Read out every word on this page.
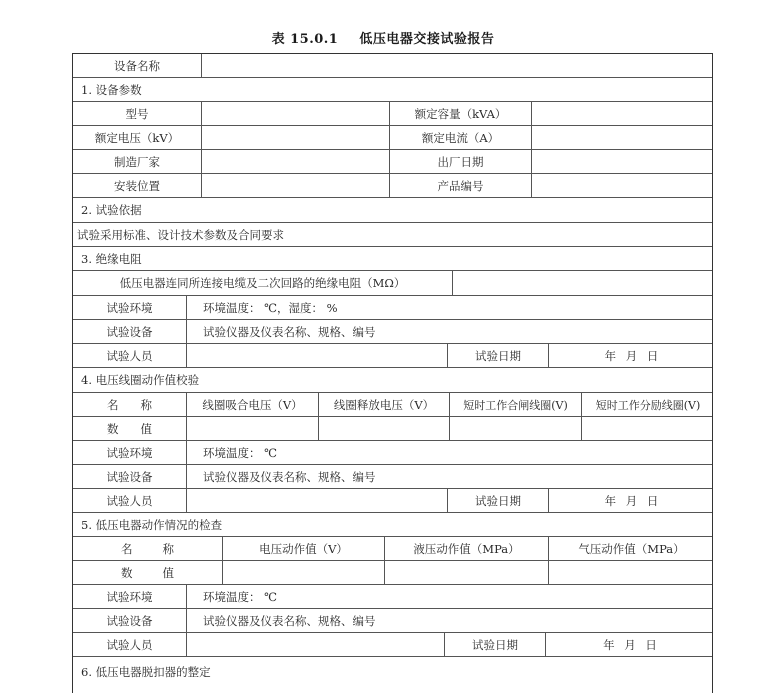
表 15.0.1 低压电器交接试验报告
设备名称
1. 设备参数
型号	额定容量（kVA）
额定电压（kV）	额定电流（A）
制造厂家	出厂日期
安装位置	产品编号
2. 试验依据
试验采用标准、设计技术参数及合同要求
3. 绝缘电阻
低压电器连同所连接电缆及二次回路的绝缘电阻（MΩ）
试验环境	环境温度： ℃，湿度： %
试验设备	试验仪器及仪表名称、规格、编号
试验人员	试验日期	年 月 日
4. 电压线圈动作值校验
名称	线圈吸合电压（V）	线圈释放电压（V）	短时工作合闸线圈(V)	短时工作分励线圈(V)
数值
试验环境	环境温度： ℃
试验设备	试验仪器及仪表名称、规格、编号
试验人员	试验日期	年 月 日
5. 低压电器动作情况的检查
名称	电压动作值（V）	液压动作值（MPa）	气压动作值（MPa）
数值
试验环境	环境温度： ℃
试验设备	试验仪器及仪表名称、规格、编号
试验人员	试验日期	年 月 日
6. 低压电器脱扣器的整定
